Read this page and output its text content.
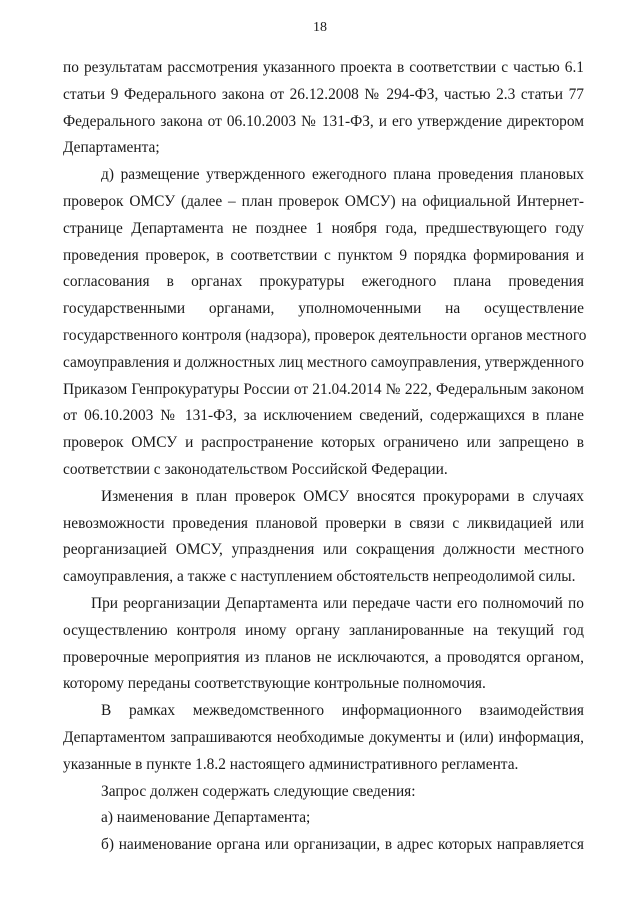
18

по результатам рассмотрения указанного проекта в соответствии с частью 6.1

статьи 9 Федерального закона от 26.12.2008 № 294-ФЗ, частью 2.3 статьи 77

Федерального закона от 06.10.2003 № 131-ФЗ, и его утверждение директором

Департамента;

д) размещение утвержденного ежегодного плана проведения плановых

проверок ОМСУ (далее – план проверок ОМСУ) на официальной Интернет-

странице Департамента не позднее 1 ноября года, предшествующего году

проведения проверок, в соответствии с пунктом 9 порядка формирования и

согласования в органах прокуратуры ежегодного плана проведения

государственными органами, уполномоченными на осуществление

государственного контроля (надзора), проверок деятельности органов местного

самоуправления и должностных лиц местного самоуправления, утвержденного

Приказом Генпрокуратуры России от 21.04.2014 № 222, Федеральным законом

от 06.10.2003 № 131-ФЗ, за исключением сведений, содержащихся в плане

проверок ОМСУ и распространение которых ограничено или запрещено в

соответствии с законодательством Российской Федерации.

Изменения в план проверок ОМСУ вносятся прокурорами в случаях

невозможности проведения плановой проверки в связи с ликвидацией или

реорганизацией ОМСУ, упразднения или сокращения должности местного

самоуправления, а также с наступлением обстоятельств непреодолимой силы.

При реорганизации Департамента или передаче части его полномочий по

осуществлению контроля иному органу запланированные на текущий год

проверочные мероприятия из планов не исключаются, а проводятся органом,

которому переданы соответствующие контрольные полномочия.

В рамках межведомственного информационного взаимодействия

Департаментом запрашиваются необходимые документы и (или) информация,

указанные в пункте 1.8.2 настоящего административного регламента.

Запрос должен содержать следующие сведения:

а) наименование Департамента;

б) наименование органа или организации, в адрес которых направляется
